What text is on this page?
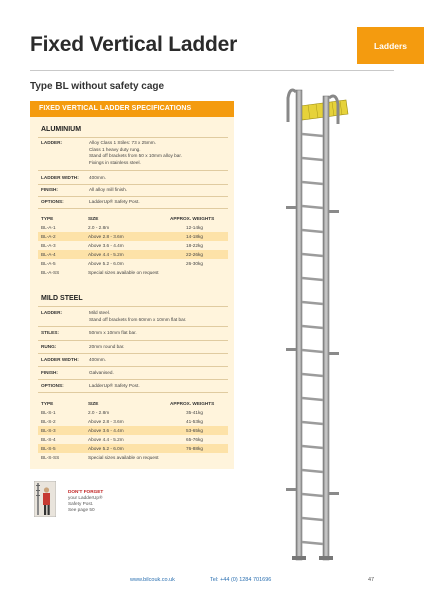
Fixed Vertical Ladder	Ladders
Type BL without safety cage
FIXED VERTICAL LADDER SPECIFICATIONS
ALUMINIUM
LADDER:	Alloy Class 1 Stiles: 73 x 25mm.
Class 1 heavy duty rung.
Stand off brackets from 50 x 10mm alloy bar.
Fixings in stainless steel.
LADDER WIDTH: 400mm.
FINISH:	All alloy mill finish.
OPTIONS:	LadderUp® Safety Post.
TYPE	SIZE	APPROX. WEIGHTS
BL-A-1	2.0 - 2.8m	12-14kg
BL-A-2	Above 2.8 - 3.6m	14-18kg
BL-A-3	Above 3.6 - 4.4m	18-22kg
BL-A-4	Above 4.4 - 5.2m	22-26kg
BL-A-5	Above 5.2 - 6.0m	26-30kg
BL-A-SS	Special sizes available on request
MILD STEEL
LADDER:	Mild steel.
Stand off brackets from 60mm x 10mm flat bar.
STILES:	50mm x 10mm flat bar.
RUNG:	20mm round bar.
LADDER WIDTH: 400mm.
FINISH:	Galvanised.
OPTIONS:	LadderUp® Safety Post.
TYPE	SIZE	APPROX. WEIGHTS
BL-S-1	2.0 - 2.8m	35-41kg
BL-S-2	Above 2.8 - 3.6m	41-53kg
BL-S-3	Above 3.6 - 4.4m	53-65kg
BL-S-4	Above 4.4 - 5.2m	65-76kg
BL-S-5	Above 5.2 - 6.0m	76-88kg
BL-S-SS	Special sizes available on request
DON'T FORGET
your LadderUp®
Safety Post.
See page 50
www.bilcouk.co.uk	Tel: +44 (0) 1284 701696	47
